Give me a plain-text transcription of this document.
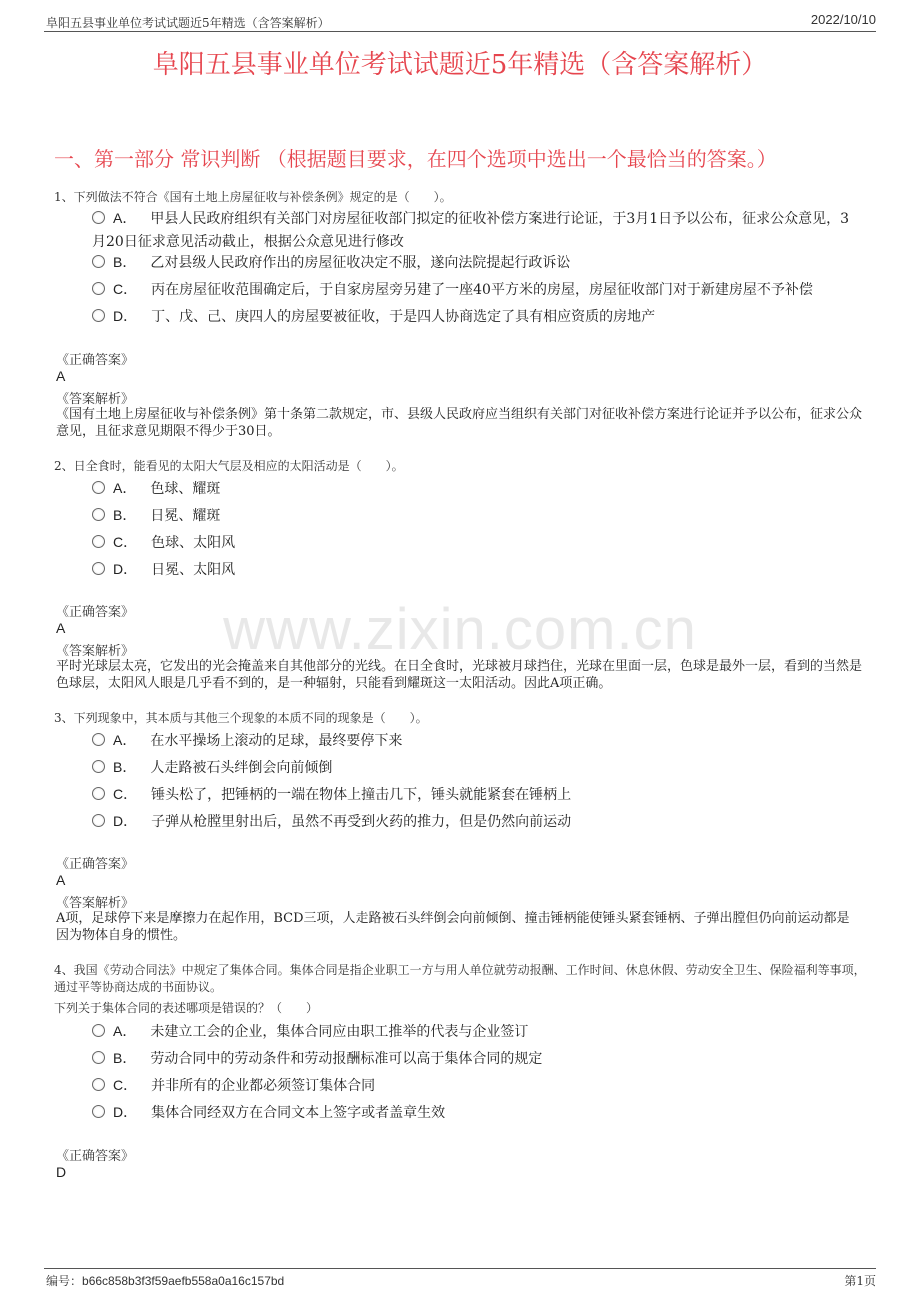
阜阳五县事业单位考试试题近5年精选（含答案解析）	2022/10/10
www.zixin.com.cn
阜阳五县事业单位考试试题近5年精选（含答案解析）
一、第一部分 常识判断 （根据题目要求，在四个选项中选出一个最恰当的答案。）
1、下列做法不符合《国有土地上房屋征收与补偿条例》规定的是（　　）。
A． 甲县人民政府组织有关部门对房屋征收部门拟定的征收补偿方案进行论证，于3月1日予以公布，征求公众意见，3月20日征求意见活动截止，根据公众意见进行修改
B． 乙对县级人民政府作出的房屋征收决定不服，遂向法院提起行政诉讼
C． 丙在房屋征收范围确定后，于自家房屋旁另建了一座40平方米的房屋，房屋征收部门对于新建房屋不予补偿
D． 丁、戊、己、庚四人的房屋要被征收，于是四人协商选定了具有相应资质的房地产
《正确答案》
A
《答案解析》
《国有土地上房屋征收与补偿条例》第十条第二款规定，市、县级人民政府应当组织有关部门对征收补偿方案进行论证并予以公布，征求公众意见，且征求意见期限不得少于30日。
2、日全食时，能看见的太阳大气层及相应的太阳活动是（　　）。
A． 色球、耀斑
B． 日冕、耀斑
C． 色球、太阳风
D． 日冕、太阳风
《正确答案》
A
《答案解析》
平时光球层太亮，它发出的光会掩盖来自其他部分的光线。在日全食时，光球被月球挡住，光球在里面一层，色球是最外一层，看到的当然是色球层，太阳风人眼是几乎看不到的，是一种辐射，只能看到耀斑这一太阳活动。因此A项正确。
3、下列现象中，其本质与其他三个现象的本质不同的现象是（　　）。
A． 在水平操场上滚动的足球，最终要停下来
B． 人走路被石头绊倒会向前倾倒
C． 锤头松了，把锤柄的一端在物体上撞击几下，锤头就能紧套在锤柄上
D． 子弹从枪膛里射出后，虽然不再受到火药的推力，但是仍然向前运动
《正确答案》
A
《答案解析》
A项，足球停下来是摩擦力在起作用，BCD三项，人走路被石头绊倒会向前倾倒、撞击锤柄能使锤头紧套锤柄、子弹出膛但仍向前运动都是因为物体自身的惯性。
4、我国《劳动合同法》中规定了集体合同。集体合同是指企业职工一方与用人单位就劳动报酬、工作时间、休息休假、劳动安全卫生、保险福利等事项，通过平等协商达成的书面协议。
下列关于集体合同的表述哪项是错误的？（　　）
A． 未建立工会的企业，集体合同应由职工推举的代表与企业签订
B． 劳动合同中的劳动条件和劳动报酬标准可以高于集体合同的规定
C． 并非所有的企业都必须签订集体合同
D． 集体合同经双方在合同文本上签字或者盖章生效
《正确答案》
D
编号：b66c858b3f3f59aefb558a0a16c157bd	第1页
